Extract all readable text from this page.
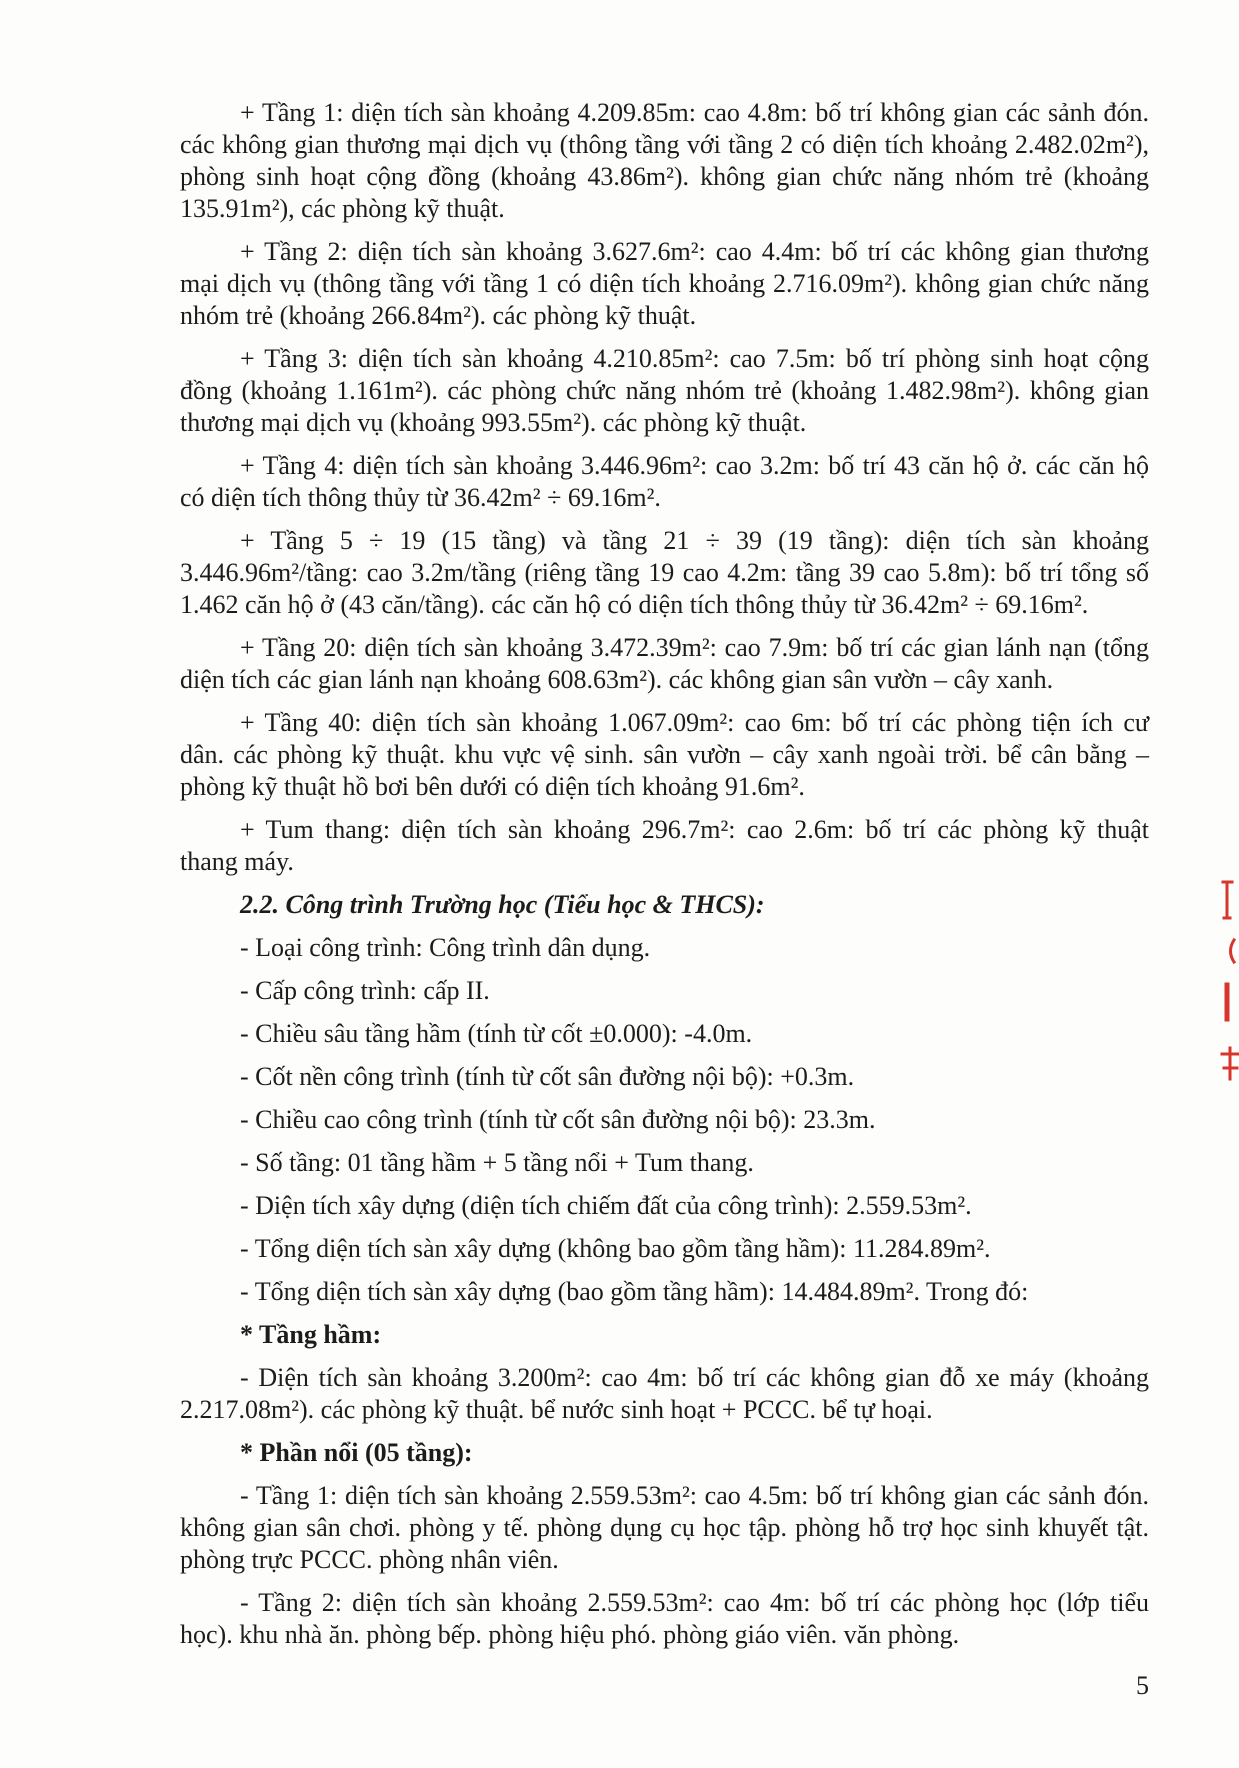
+ Tầng 1: diện tích sàn khoảng 4.209.85m: cao 4.8m: bố trí không gian các sảnh đón.
các không gian thương mại dịch vụ (thông tầng với tầng 2 có diện tích khoảng 2.482.02m²),
phòng sinh hoạt cộng đồng (khoảng 43.86m²). không gian chức năng nhóm trẻ (khoảng
135.91m²), các phòng kỹ thuật.
+ Tầng 2: diện tích sàn khoảng 3.627.6m²: cao 4.4m: bố trí các không gian thương
mại dịch vụ (thông tầng với tầng 1 có diện tích khoảng 2.716.09m²). không gian chức năng
nhóm trẻ (khoảng 266.84m²). các phòng kỹ thuật.
+ Tầng 3: diện tích sàn khoảng 4.210.85m²: cao 7.5m: bố trí phòng sinh hoạt cộng
đồng (khoảng 1.161m²). các phòng chức năng nhóm trẻ (khoảng 1.482.98m²). không gian
thương mại dịch vụ (khoảng 993.55m²). các phòng kỹ thuật.
+ Tầng 4: diện tích sàn khoảng 3.446.96m²: cao 3.2m: bố trí 43 căn hộ ở. các căn hộ
có diện tích thông thủy từ 36.42m² ÷ 69.16m².
+ Tầng 5 ÷ 19 (15 tầng) và tầng 21 ÷ 39 (19 tầng): diện tích sàn khoảng
3.446.96m²/tầng: cao 3.2m/tầng (riêng tầng 19 cao 4.2m: tầng 39 cao 5.8m): bố trí tổng số
1.462 căn hộ ở (43 căn/tầng). các căn hộ có diện tích thông thủy từ 36.42m² ÷ 69.16m².
+ Tầng 20: diện tích sàn khoảng 3.472.39m²: cao 7.9m: bố trí các gian lánh nạn (tổng
diện tích các gian lánh nạn khoảng 608.63m²). các không gian sân vườn – cây xanh.
+ Tầng 40: diện tích sàn khoảng 1.067.09m²: cao 6m: bố trí các phòng tiện ích cư
dân. các phòng kỹ thuật. khu vực vệ sinh. sân vườn – cây xanh ngoài trời. bể cân bằng –
phòng kỹ thuật hồ bơi bên dưới có diện tích khoảng 91.6m².
+ Tum thang: diện tích sàn khoảng 296.7m²: cao 2.6m: bố trí các phòng kỹ thuật
thang máy.
2.2. Công trình Trường học (Tiểu học & THCS):
- Loại công trình: Công trình dân dụng.
- Cấp công trình: cấp II.
- Chiều sâu tầng hầm (tính từ cốt ±0.000): -4.0m.
- Cốt nền công trình (tính từ cốt sân đường nội bộ): +0.3m.
- Chiều cao công trình (tính từ cốt sân đường nội bộ): 23.3m.
- Số tầng: 01 tầng hầm + 5 tầng nổi + Tum thang.
- Diện tích xây dựng (diện tích chiếm đất của công trình): 2.559.53m².
- Tổng diện tích sàn xây dựng (không bao gồm tầng hầm): 11.284.89m².
- Tổng diện tích sàn xây dựng (bao gồm tầng hầm): 14.484.89m². Trong đó:
* Tầng hầm:
- Diện tích sàn khoảng 3.200m²: cao 4m: bố trí các không gian đỗ xe máy (khoảng
2.217.08m²). các phòng kỹ thuật. bể nước sinh hoạt + PCCC. bể tự hoại.
* Phần nổi (05 tầng):
- Tầng 1: diện tích sàn khoảng 2.559.53m²: cao 4.5m: bố trí không gian các sảnh đón.
không gian sân chơi. phòng y tế. phòng dụng cụ học tập. phòng hỗ trợ học sinh khuyết tật.
phòng trực PCCC. phòng nhân viên.
- Tầng 2: diện tích sàn khoảng 2.559.53m²: cao 4m: bố trí các phòng học (lớp tiểu
học). khu nhà ăn. phòng bếp. phòng hiệu phó. phòng giáo viên. văn phòng.
5
